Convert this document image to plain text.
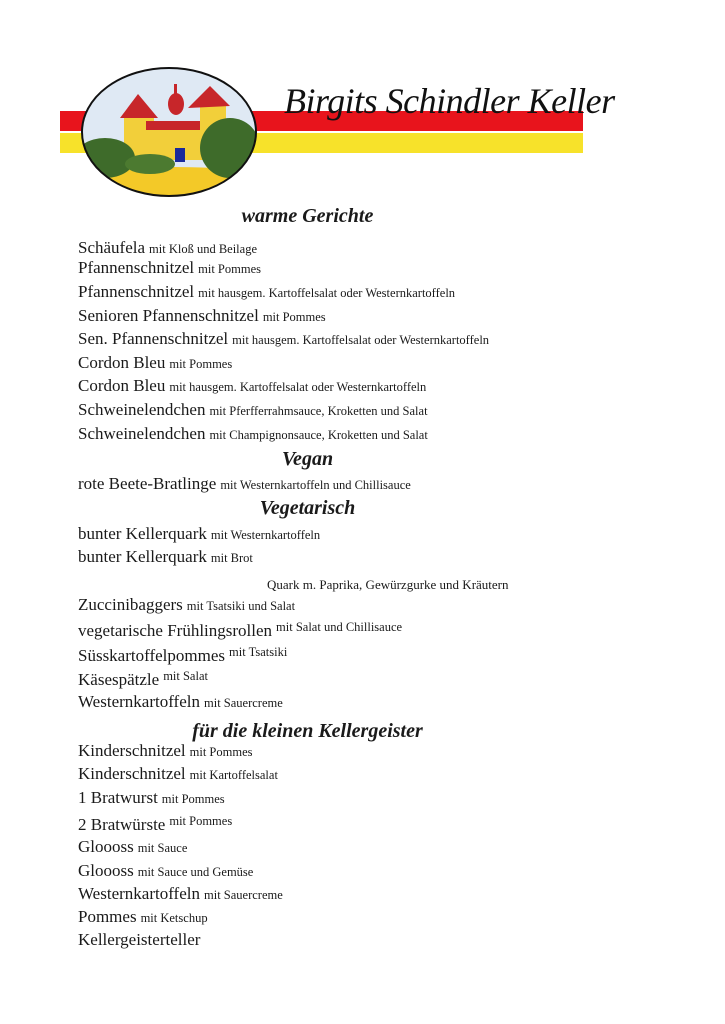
Birgits Schindler Keller
warme Gerichte
Schäufela mit Kloß und Beilage
Pfannenschnitzel mit Pommes
Pfannenschnitzel mit hausgem. Kartoffelsalat oder Westernkartoffeln
Senioren Pfannenschnitzel mit Pommes
Sen. Pfannenschnitzel mit hausgem. Kartoffelsalat oder Westernkartoffeln
Cordon Bleu mit Pommes
Cordon Bleu mit hausgem. Kartoffelsalat oder Westernkartoffeln
Schweinelendchen mit Pferfferrahmsauce, Kroketten und Salat
Schweinelendchen mit Champignonsauce, Kroketten und Salat
Vegan
rote Beete-Bratlinge mit Westernkartoffeln und Chillisauce
Vegetarisch
Quark m. Paprika, Gewürzgurke und Kräutern
bunter Kellerquark mit Westernkartoffeln
bunter Kellerquark mit Brot
Zuccinibaggers mit Tsatsiki und Salat
vegetarische Frühlingsrollen $^{mit Salat und Chillisauce}$
Süsskartoffelpommes $^{mit Tsatsiki}$
Käsespätzle $^{mit Salat}$
Westernkartoffeln mit Sauercreme
für die kleinen Kellergeister
Kinderschnitzel mit Pommes
Kinderschnitzel mit Kartoffelsalat
1 Bratwurst mit Pommes
2 Bratwürste $^{mit Pommes}$
Gloooss mit Sauce
Gloooss mit Sauce und Gemüse
Westernkartoffeln mit Sauercreme
Pommes mit Ketschup
Kellergeisterteller
